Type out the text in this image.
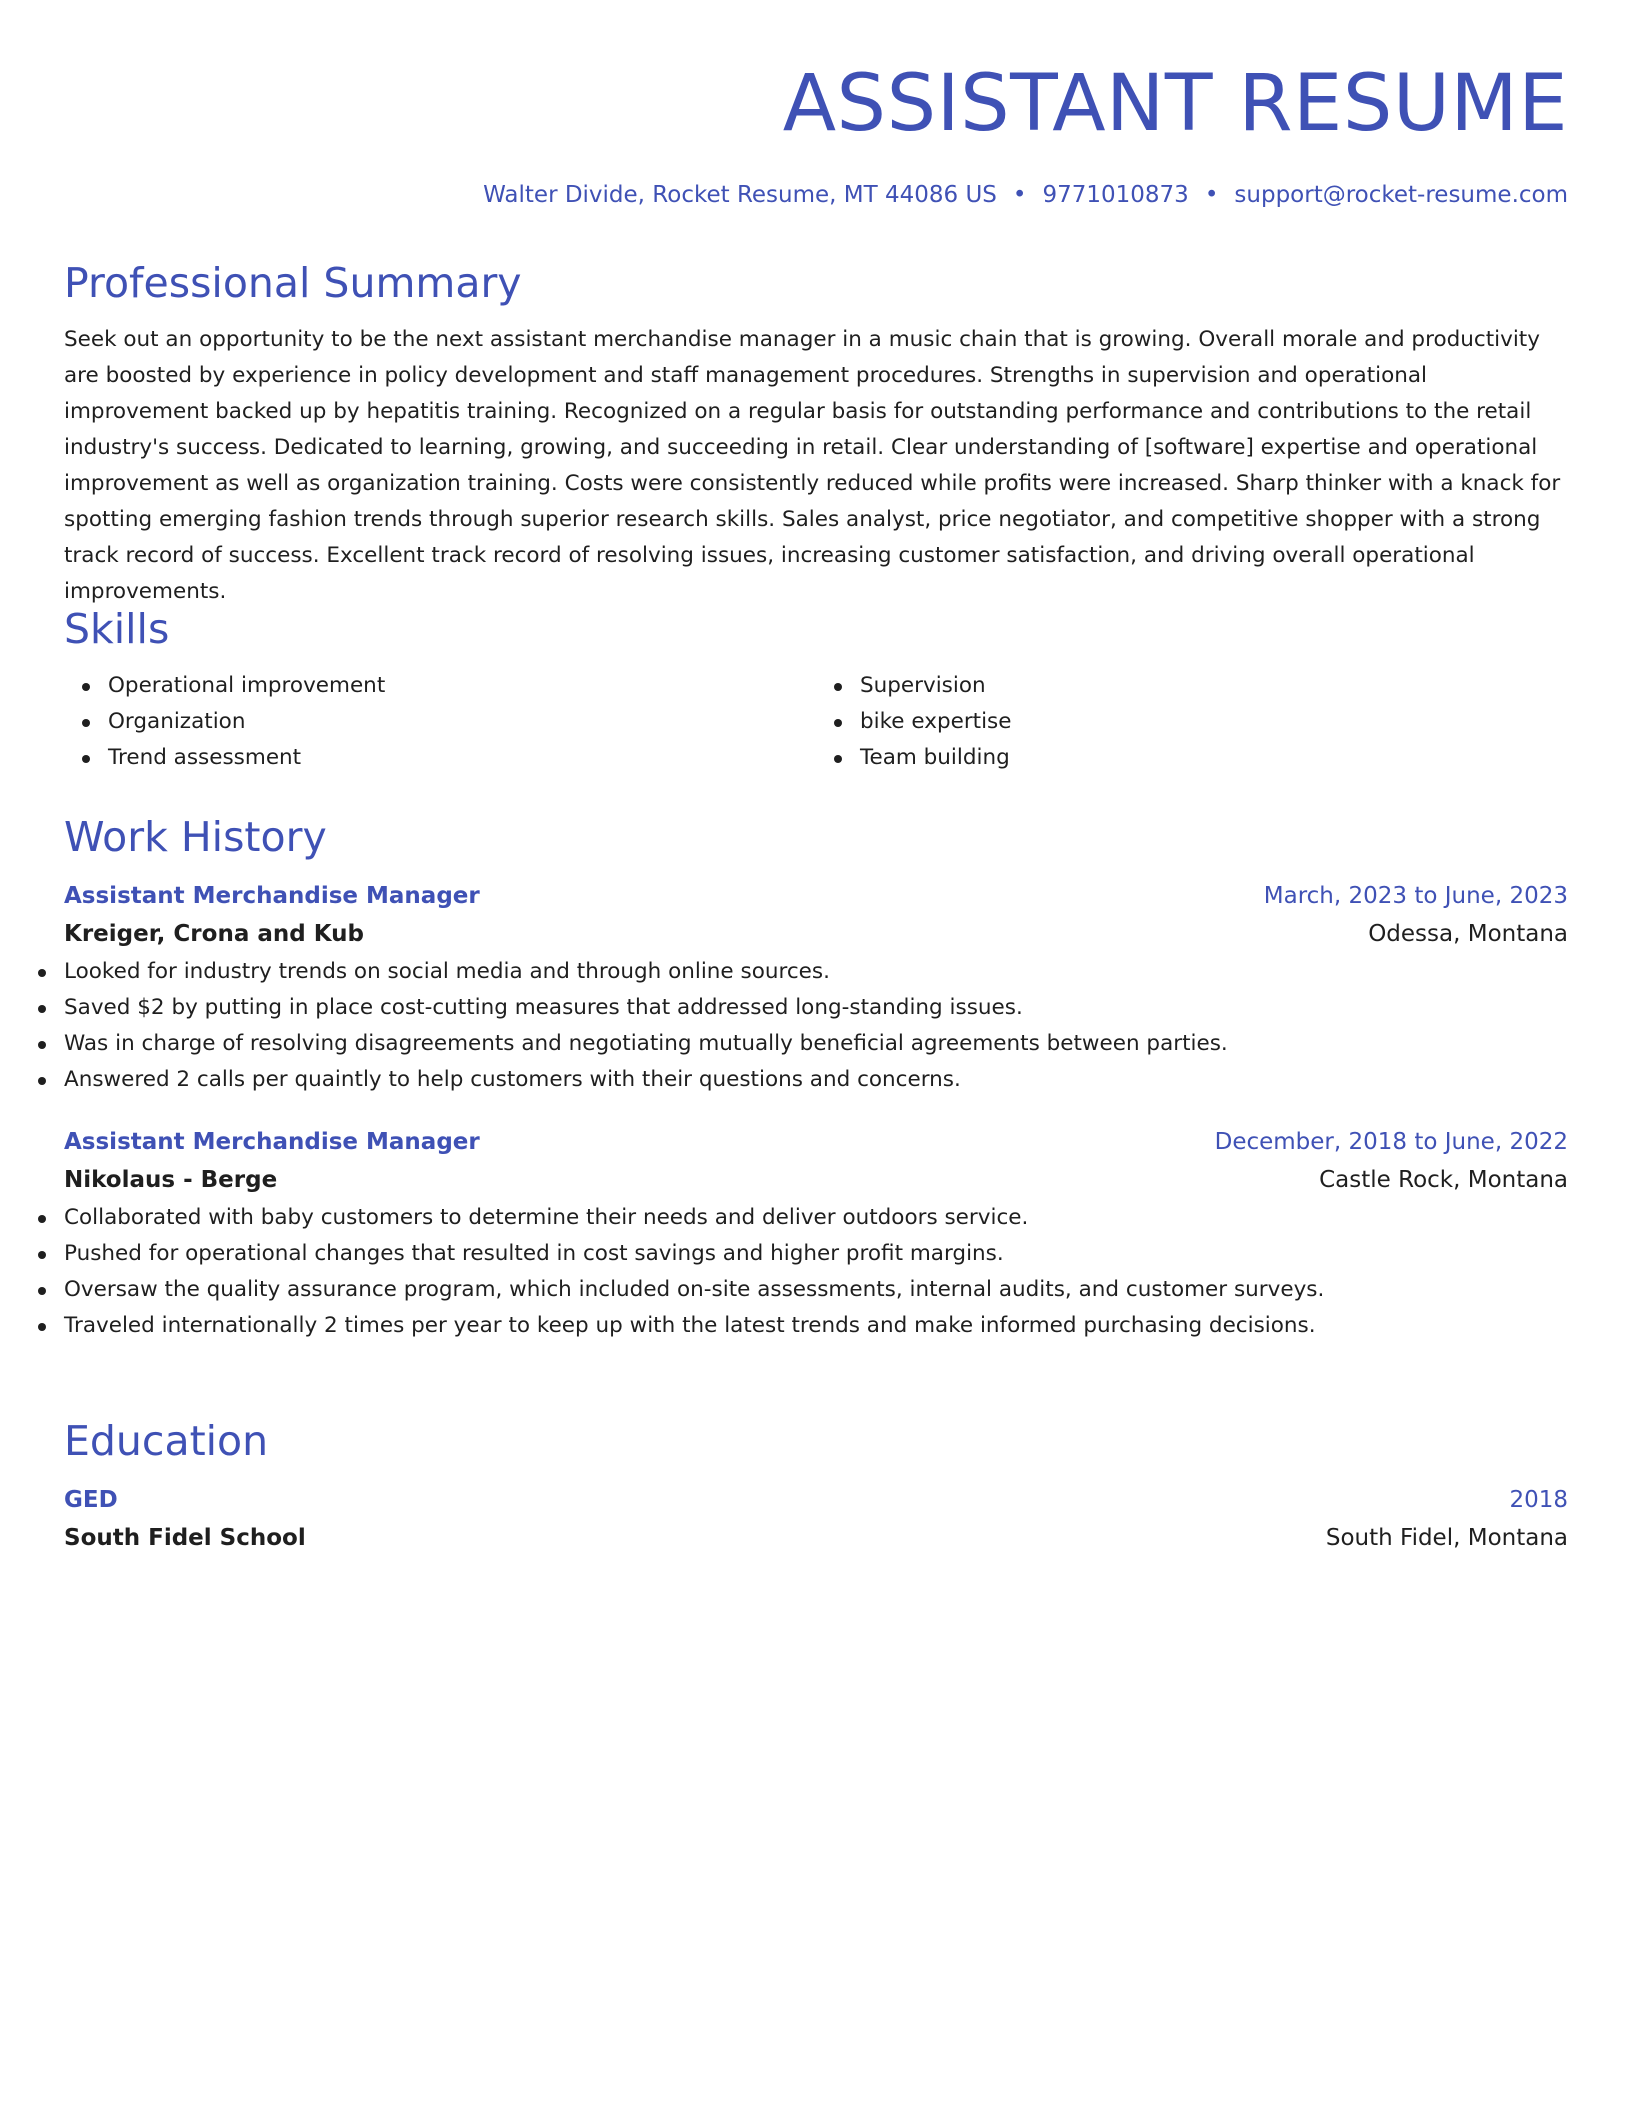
ASSISTANT RESUME
Walter Divide, Rocket Resume, MT 44086 US • 9771010873 • support@rocket-resume.com
Professional Summary

Seek out an opportunity to be the next assistant merchandise manager in a music chain that is growing. Overall morale and productivity are boosted by experience in policy development and staff management procedures. Strengths in supervision and operational improvement backed up by hepatitis training. Recognized on a regular basis for outstanding performance and contributions to the retail industry's success. Dedicated to learning, growing, and succeeding in retail. Clear understanding of [software] expertise and operational improvement as well as organization training. Costs were consistently reduced while profits were increased. Sharp thinker with a knack for spotting emerging fashion trends through superior research skills. Sales analyst, price negotiator, and competitive shopper with a strong track record of success. Excellent track record of resolving issues, increasing customer satisfaction, and driving overall operational improvements.

Skills
Operational improvement
Organization
Trend assessment
Supervision
bike expertise
Team building
Work History
Assistant Merchandise Manager	March, 2023 to June, 2023
Kreiger, Crona and Kub	Odessa, Montana
Looked for industry trends on social media and through online sources.
Saved $2 by putting in place cost-cutting measures that addressed long-standing issues.
Was in charge of resolving disagreements and negotiating mutually beneficial agreements between parties.
Answered 2 calls per quaintly to help customers with their questions and concerns.
Assistant Merchandise Manager	December, 2018 to June, 2022
Nikolaus - Berge	Castle Rock, Montana
Collaborated with baby customers to determine their needs and deliver outdoors service.
Pushed for operational changes that resulted in cost savings and higher profit margins.
Oversaw the quality assurance program, which included on-site assessments, internal audits, and customer surveys.
Traveled internationally 2 times per year to keep up with the latest trends and make informed purchasing decisions.
Education
GED	2018
South Fidel School	South Fidel, Montana
